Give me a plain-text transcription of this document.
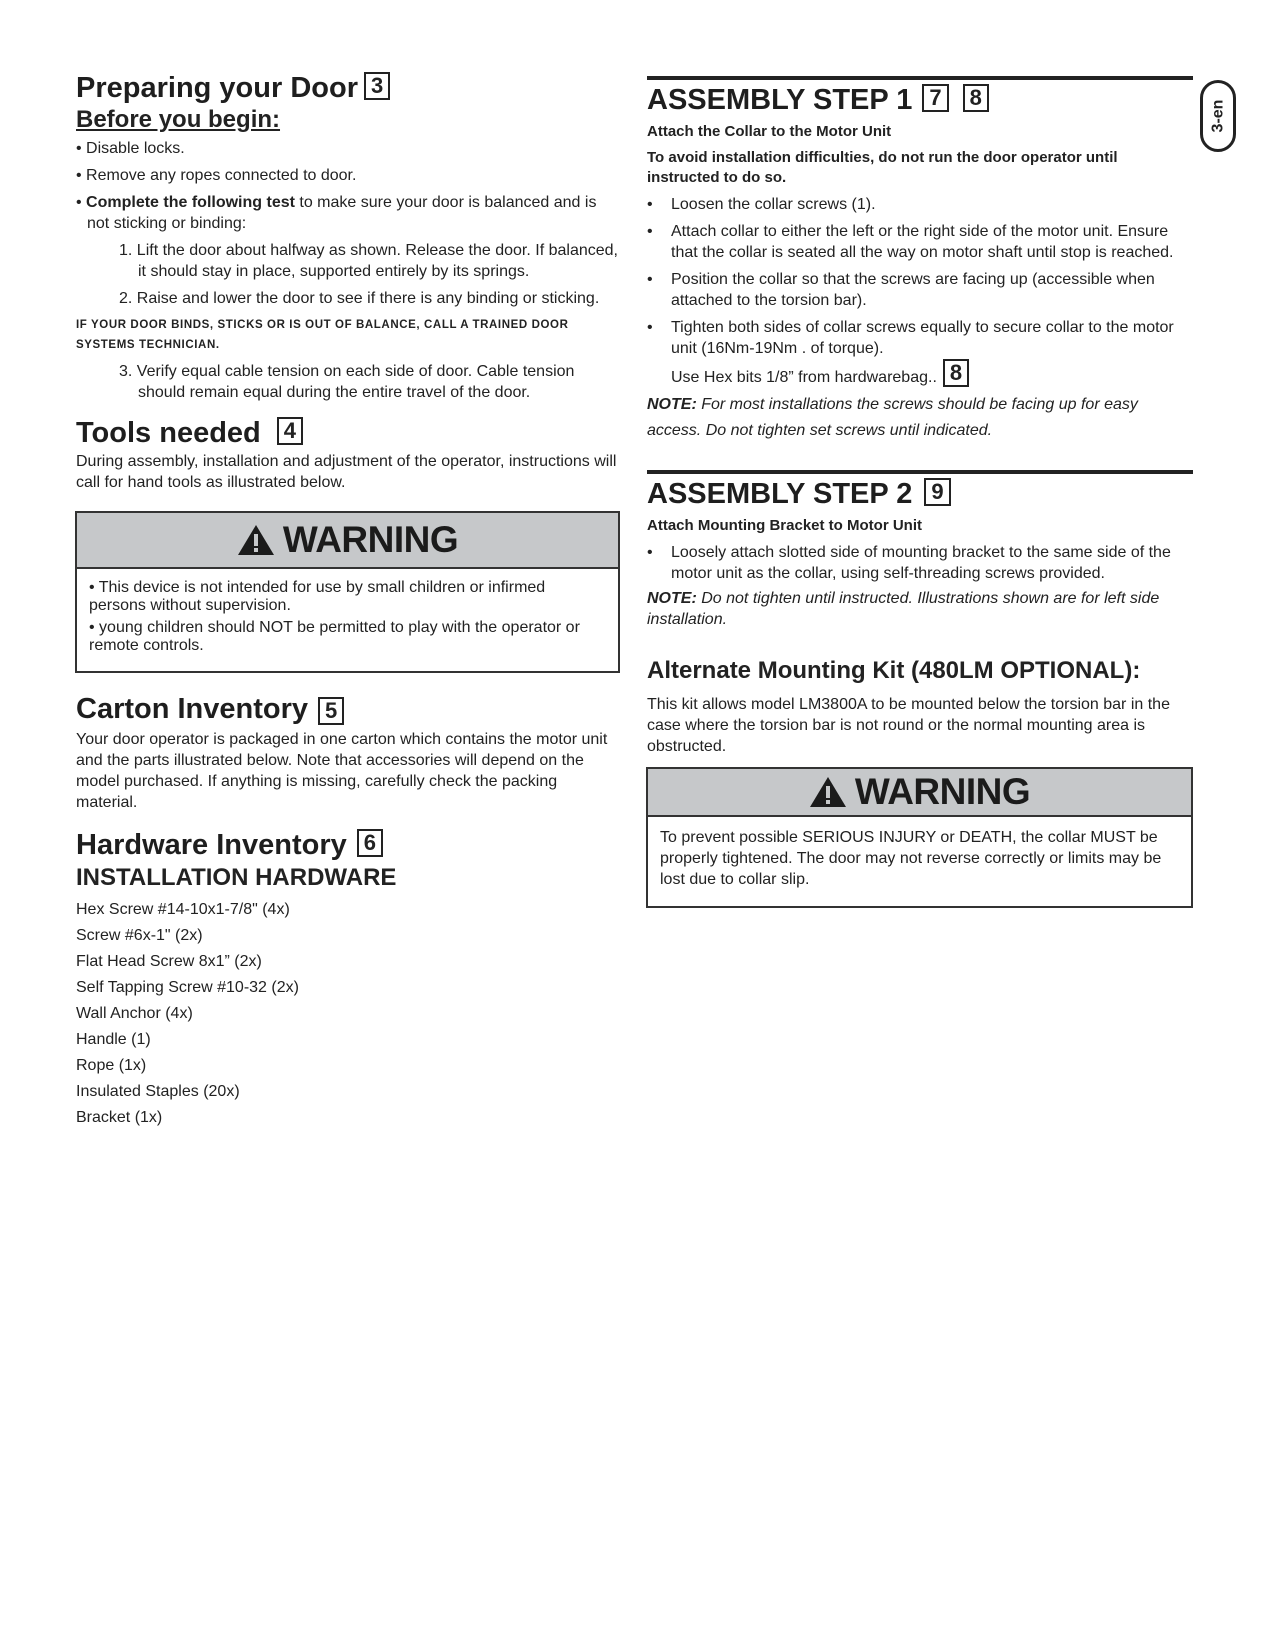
Preparing your Door 3
Before you begin:

• Disable locks.

• Remove any ropes connected to door.

• Complete the following test to make sure your door is balanced and is not sticking or binding:

1. Lift the door about halfway as shown. Release the door. If balanced, it should stay in place, supported entirely by its springs.

2. Raise and lower the door to see if there is any binding or sticking.

IF YOUR DOOR BINDS, STICKS OR IS OUT OF BALANCE, CALL A TRAINED DOOR SYSTEMS TECHNICIAN.

3. Verify equal cable tension on each side of door. Cable tension should remain equal during the entire travel of the door.

Tools needed 4

During assembly, installation and adjustment of the operator, instructions will call for hand tools as illustrated below.

WARNING

• This device is not intended for use by small children or infirmed persons without supervision.

• young children should NOT be permitted to play with the operator or remote controls.

Carton Inventory 5

Your door operator is packaged in one carton which contains the motor unit and the parts illustrated below. Note that accessories will depend on the model purchased. If anything is missing, carefully check the packing material.

Hardware Inventory 6
INSTALLATION HARDWARE

Hex Screw #14-10x1-7/8" (4x)

Screw #6x-1" (2x)

Flat Head Screw 8x1” (2x)

Self Tapping Screw #10-32 (2x)

Wall Anchor (4x)

Handle (1)

Rope (1x)

Insulated Staples (20x)

Bracket (1x)

ASSEMBLY STEP 1 7 8

Attach the Collar to the Motor Unit

To avoid installation difficulties, do not run the door operator until instructed to do so.

• Loosen the collar screws (1).
• Attach collar to either the left or the right side of the motor unit. Ensure that the collar is seated all the way on motor shaft until stop is reached.
• Position the collar so that the screws are facing up (accessible when attached to the torsion bar).
• Tighten both sides of collar screws equally to secure collar to the motor unit (16Nm-19Nm . of torque).
Use Hex bits 1/8” from hardwarebag.. 8

NOTE: For most installations the screws should be facing up for easy access. Do not tighten set screws until indicated.

ASSEMBLY STEP 2 9

Attach Mounting Bracket to Motor Unit

• Loosely attach slotted side of mounting bracket to the same side of the motor unit as the collar, using self-threading screws provided.

NOTE: Do not tighten until instructed. Illustrations shown are for left side installation.

Alternate Mounting Kit (480LM OPTIONAL):

This kit allows model LM3800A to be mounted below the torsion bar in the case where the torsion bar is not round or the normal mounting area is obstructed.

WARNING

To prevent possible SERIOUS INJURY or DEATH, the collar MUST be properly tightened. The door may not reverse correctly or limits may be lost due to collar slip.

3-en
